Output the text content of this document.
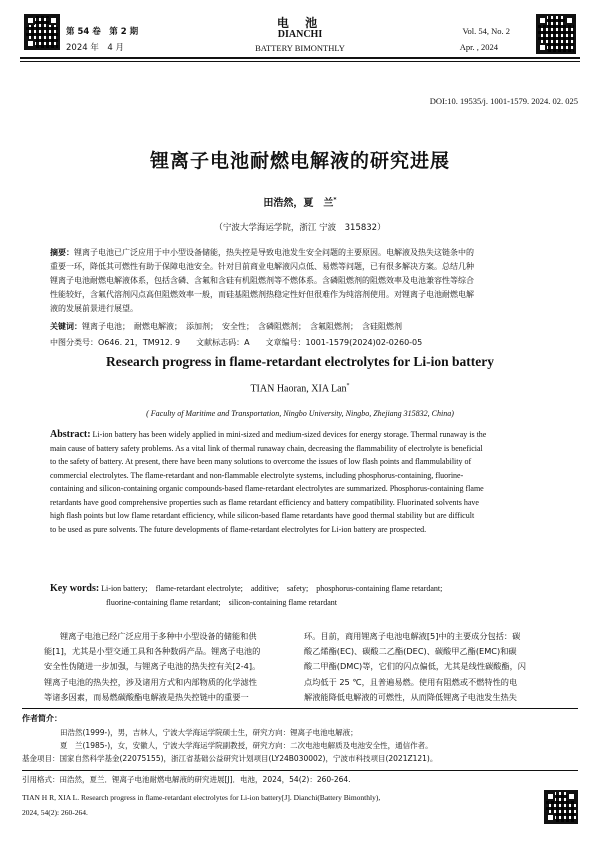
第 54 卷　第 2 期
2024 年　4 月
电 池
DIANCHI
BATTERY BIMONTHLY
Vol. 54, No. 2
Apr. , 2024
DOI:10. 19535/j. 1001-1579. 2024. 02. 025
锂离子电池耐燃电解液的研究进展
田浩然，夏　兰*
（宁波大学海运学院，浙江 宁波　315832）
摘要：锂离子电池已广泛应用于中小型设备储能，热失控是导致电池发生安全问题的主要原因。电解液及热失这链条中的
重要一环，降低其可燃性有助于保障电池安全。针对目前商业电解液闪点低、易燃等问题，已有很多解决方案。总结几种
锂离子电池耐燃电解液体系，包括含磷、含氟和含硅有机阻燃剂等不燃体系。含磷阻燃剂的阻燃效率及电池兼容性等综合
性能较好，含氟代溶剂闪点高但阻燃效率一般，而硅基阻燃剂热稳定性好但很难作为纯溶剂使用。对锂离子电池耐燃电解
液的发展前景进行展望。
关键词：锂离子电池；　耐燃电解液；　添加剂；　安全性；　含磷阻燃剂；　含氟阻燃剂；　含硅阻燃剂
中图分类号：O646. 21，TM912. 9　　文献标志码：A　　文章编号：1001-1579(2024)02-0260-05
Research progress in flame-retardant electrolytes for Li-ion battery
TIAN Haoran, XIA Lan*
( Faculty of Maritime and Transportation, Ningbo University, Ningbo, Zhejiang 315832, China)
Abstract: Li-ion battery has been widely applied in mini-sized and medium-sized devices for energy storage. Thermal runaway is the
main cause of battery safety problems. As a vital link of thermal runaway chain, decreasing the flammability of electrolyte is beneficial
to the safety of battery. At present, there have been many solutions to overcome the issues of low flash points and flammulability of
commercial electrolytes. The flame-retardant and non-flammable electrolyte systems, including phosphorus-containing, fluorine-
containing and silicon-containing organic compounds-based flame-retardant electrolytes are summarized. Phosphorus-containing flame
retardants have good comprehensive properties such as flame retardant efficiency and battery compatibility. Fluorinated solvents have
high flash points but low flame retardant efficiency, while silicon-based flame retardants have good thermal stability but are difficult
to be used as pure solvents. The future developments of flame-retardant electrolytes for Li-ion battery are prospected.
Key words: Li-ion battery;　flame-retardant electrolyte;　additive;　safety;　phosphorus-containing flame retardant;
fluorine-containing flame retardant;　silicon-containing flame retardant
锂离子电池已经广泛应用于多种中小型设备的储能和供
能[1]，尤其是小型交通工具和各种数码产品。锂离子电池的
安全性伪随进一步加强，与锂离子电池的热失控有关[2-4]。
锂离子电池的热失控，涉及诸用方式和内部物质的化学滤性
等诸多因素，而易燃碳酸酯电解液是热失控链中的重要一
环。目前，商用锂离子电池电解液[5]中的主要成分包括：碳
酸乙烯酯(EC)、碳酸二乙酯(DEC)、碳酸甲乙酯(EMC)和碳
酸二甲酯(DMC)等，它们的闪点偏低，尤其是线性碳酸酯，闪
点均低于 25 ℃，且普遍易燃。使用有阻燃或不燃特性的电
解液能降低电解液的可燃性，从而降低锂离子电池发生热失
作者简介：
田浩然(1999-)，男，吉林人，宁波大学海运学院硕士生，研究方向：锂离子电池电解液；
夏　兰(1985-)，女，安徽人，宁波大学海运学院副教授，研究方向：二次电池电解质及电池安全性，通信作者。
基金项目：国家自然科学基金(22075155)，浙江省基础公益研究计划项目(LY24B030002)，宁波市科技项目(2021Z121)。
引用格式：田浩然，夏兰．锂离子电池耐燃电解液的研究进展[J]．电池，2024，54(2)：260-264.
TIAN H R, XIA L. Research progress in flame-retardant electrolytes for Li-ion battery[J]. Dianchi(Battery Bimonthly),
2024, 54(2): 260-264.
